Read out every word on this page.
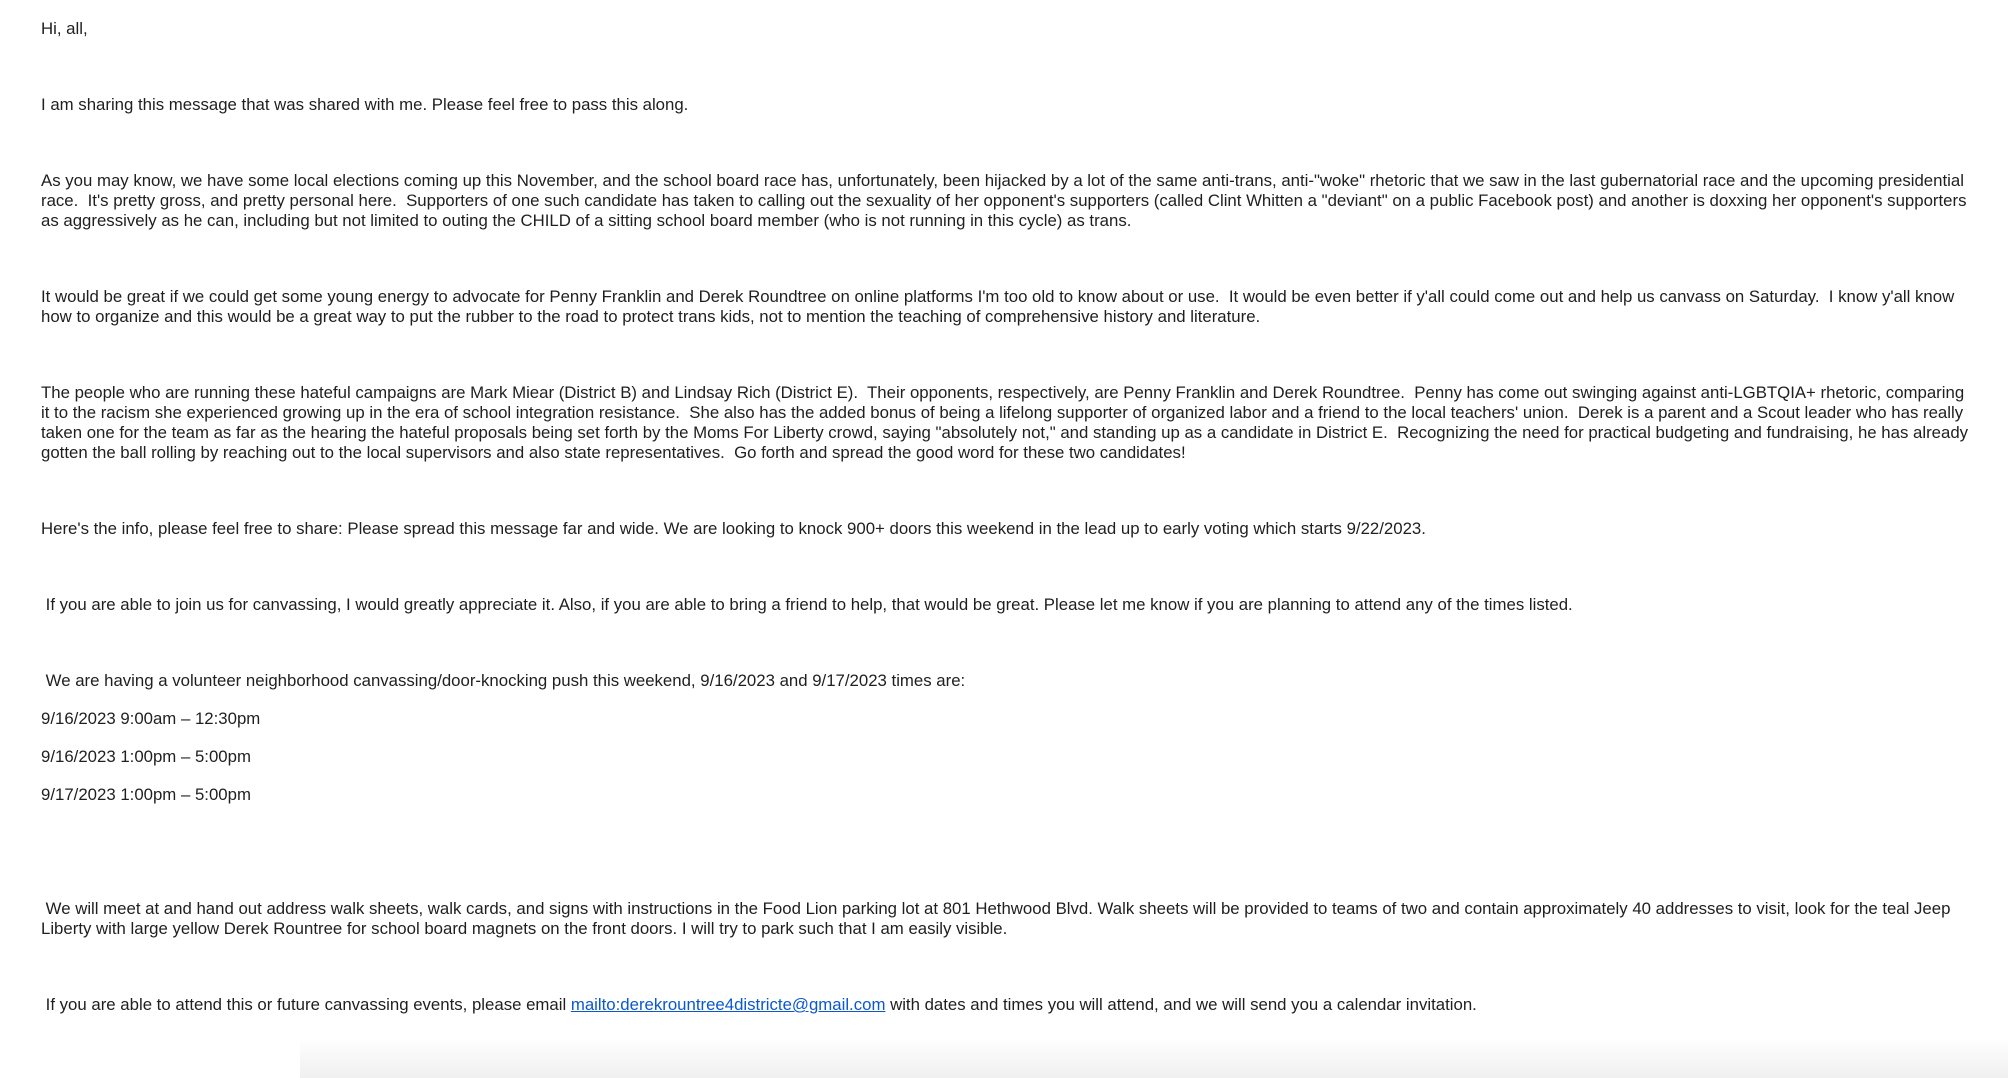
Hi, all,

I am sharing this message that was shared with me. Please feel free to pass this along.

As you may know, we have some local elections coming up this November, and the school board race has, unfortunately, been hijacked by a lot of the same anti-trans, anti-"woke" rhetoric that we saw in the last gubernatorial race and the upcoming presidential race.  It's pretty gross, and pretty personal here.  Supporters of one such candidate has taken to calling out the sexuality of her opponent's supporters (called Clint Whitten a "deviant" on a public Facebook post) and another is doxxing her opponent's supporters as aggressively as he can, including but not limited to outing the CHILD of a sitting school board member (who is not running in this cycle) as trans.

It would be great if we could get some young energy to advocate for Penny Franklin and Derek Roundtree on online platforms I'm too old to know about or use.  It would be even better if y'all could come out and help us canvass on Saturday.  I know y'all know how to organize and this would be a great way to put the rubber to the road to protect trans kids, not to mention the teaching of comprehensive history and literature.

The people who are running these hateful campaigns are Mark Miear (District B) and Lindsay Rich (District E).  Their opponents, respectively, are Penny Franklin and Derek Roundtree.  Penny has come out swinging against anti-LGBTQIA+ rhetoric, comparing it to the racism she experienced growing up in the era of school integration resistance.  She also has the added bonus of being a lifelong supporter of organized labor and a friend to the local teachers' union.  Derek is a parent and a Scout leader who has really taken one for the team as far as the hearing the hateful proposals being set forth by the Moms For Liberty crowd, saying "absolutely not," and standing up as a candidate in District E.  Recognizing the need for practical budgeting and fundraising, he has already gotten the ball rolling by reaching out to the local supervisors and also state representatives.  Go forth and spread the good word for these two candidates!

Here's the info, please feel free to share: Please spread this message far and wide. We are looking to knock 900+ doors this weekend in the lead up to early voting which starts 9/22/2023.

If you are able to join us for canvassing, I would greatly appreciate it. Also, if you are able to bring a friend to help, that would be great. Please let me know if you are planning to attend any of the times listed.

We are having a volunteer neighborhood canvassing/door-knocking push this weekend, 9/16/2023 and 9/17/2023 times are:

9/16/2023 9:00am – 12:30pm

9/16/2023 1:00pm – 5:00pm

9/17/2023 1:00pm – 5:00pm

We will meet at and hand out address walk sheets, walk cards, and signs with instructions in the Food Lion parking lot at 801 Hethwood Blvd. Walk sheets will be provided to teams of two and contain approximately 40 addresses to visit, look for the teal Jeep Liberty with large yellow Derek Rountree for school board magnets on the front doors. I will try to park such that I am easily visible.

If you are able to attend this or future canvassing events, please email mailto:derekrountree4districte@gmail.com with dates and times you will attend, and we will send you a calendar invitation.
